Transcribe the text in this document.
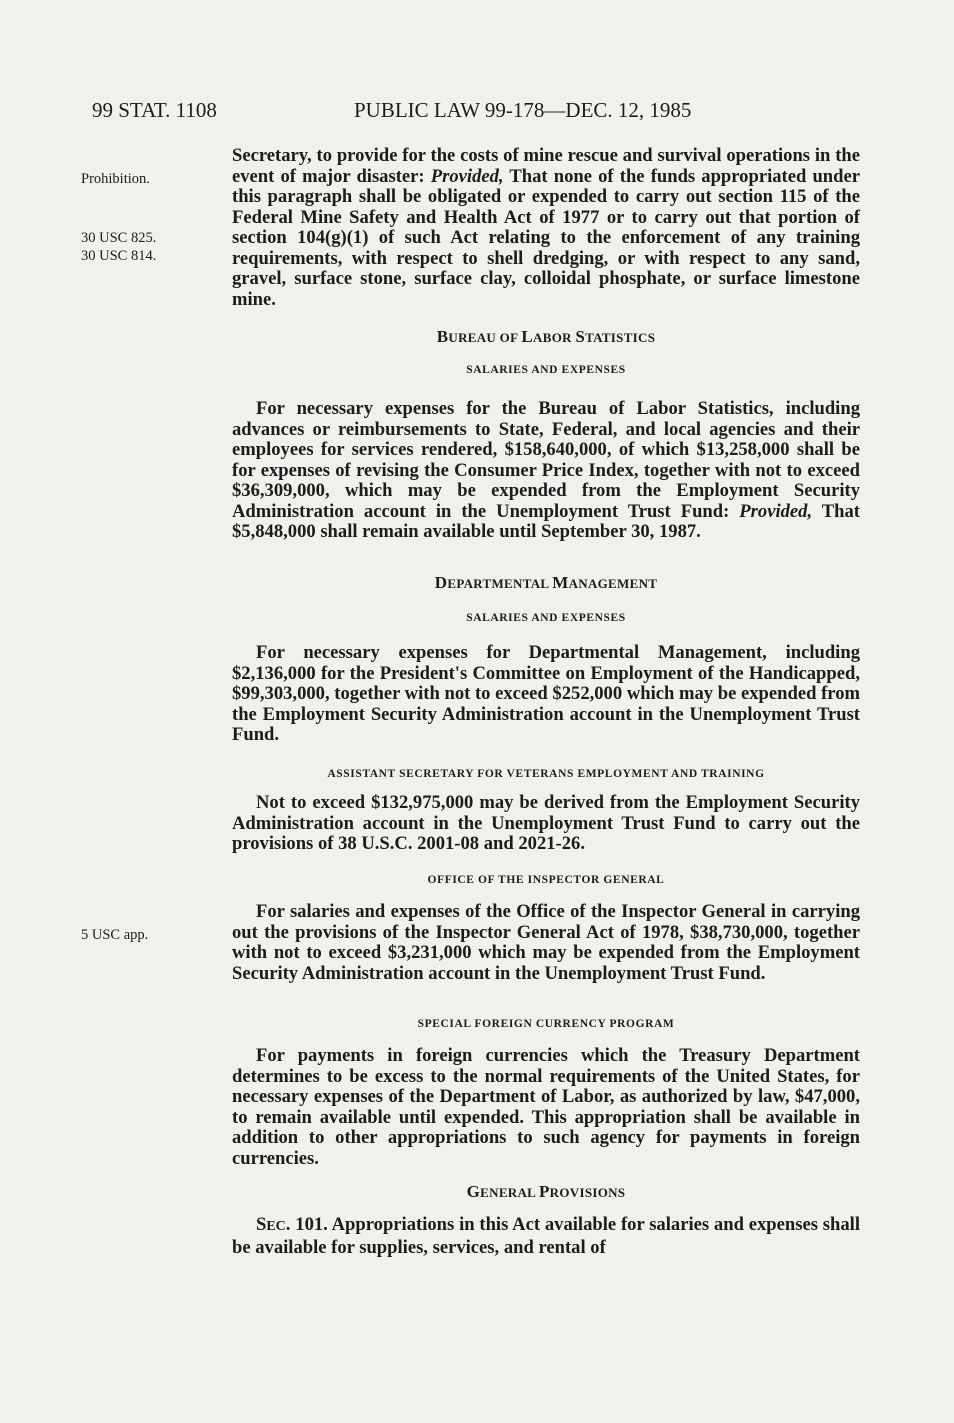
99 STAT. 1108	PUBLIC LAW 99-178—DEC. 12, 1985
Prohibition.
30 USC 825.
30 USC 814.
5 USC app.
Secretary, to provide for the costs of mine rescue and survival operations in the event of major disaster: Provided, That none of the funds appropriated under this paragraph shall be obligated or expended to carry out section 115 of the Federal Mine Safety and Health Act of 1977 or to carry out that portion of section 104(g)(1) of such Act relating to the enforcement of any training requirements, with respect to shell dredging, or with respect to any sand, gravel, surface stone, surface clay, colloidal phosphate, or surface limestone mine.
BUREAU OF LABOR STATISTICS
SALARIES AND EXPENSES
For necessary expenses for the Bureau of Labor Statistics, including advances or reimbursements to State, Federal, and local agencies and their employees for services rendered, $158,640,000, of which $13,258,000 shall be for expenses of revising the Consumer Price Index, together with not to exceed $36,309,000, which may be expended from the Employment Security Administration account in the Unemployment Trust Fund: Provided, That $5,848,000 shall remain available until September 30, 1987.
DEPARTMENTAL MANAGEMENT
SALARIES AND EXPENSES
For necessary expenses for Departmental Management, including $2,136,000 for the President's Committee on Employment of the Handicapped, $99,303,000, together with not to exceed $252,000 which may be expended from the Employment Security Administration account in the Unemployment Trust Fund.
ASSISTANT SECRETARY FOR VETERANS EMPLOYMENT AND TRAINING
Not to exceed $132,975,000 may be derived from the Employment Security Administration account in the Unemployment Trust Fund to carry out the provisions of 38 U.S.C. 2001-08 and 2021-26.
OFFICE OF THE INSPECTOR GENERAL
For salaries and expenses of the Office of the Inspector General in carrying out the provisions of the Inspector General Act of 1978, $38,730,000, together with not to exceed $3,231,000 which may be expended from the Employment Security Administration account in the Unemployment Trust Fund.
SPECIAL FOREIGN CURRENCY PROGRAM
For payments in foreign currencies which the Treasury Department determines to be excess to the normal requirements of the United States, for necessary expenses of the Department of Labor, as authorized by law, $47,000, to remain available until expended. This appropriation shall be available in addition to other appropriations to such agency for payments in foreign currencies.
GENERAL PROVISIONS
SEC. 101. Appropriations in this Act available for salaries and expenses shall be available for supplies, services, and rental of
